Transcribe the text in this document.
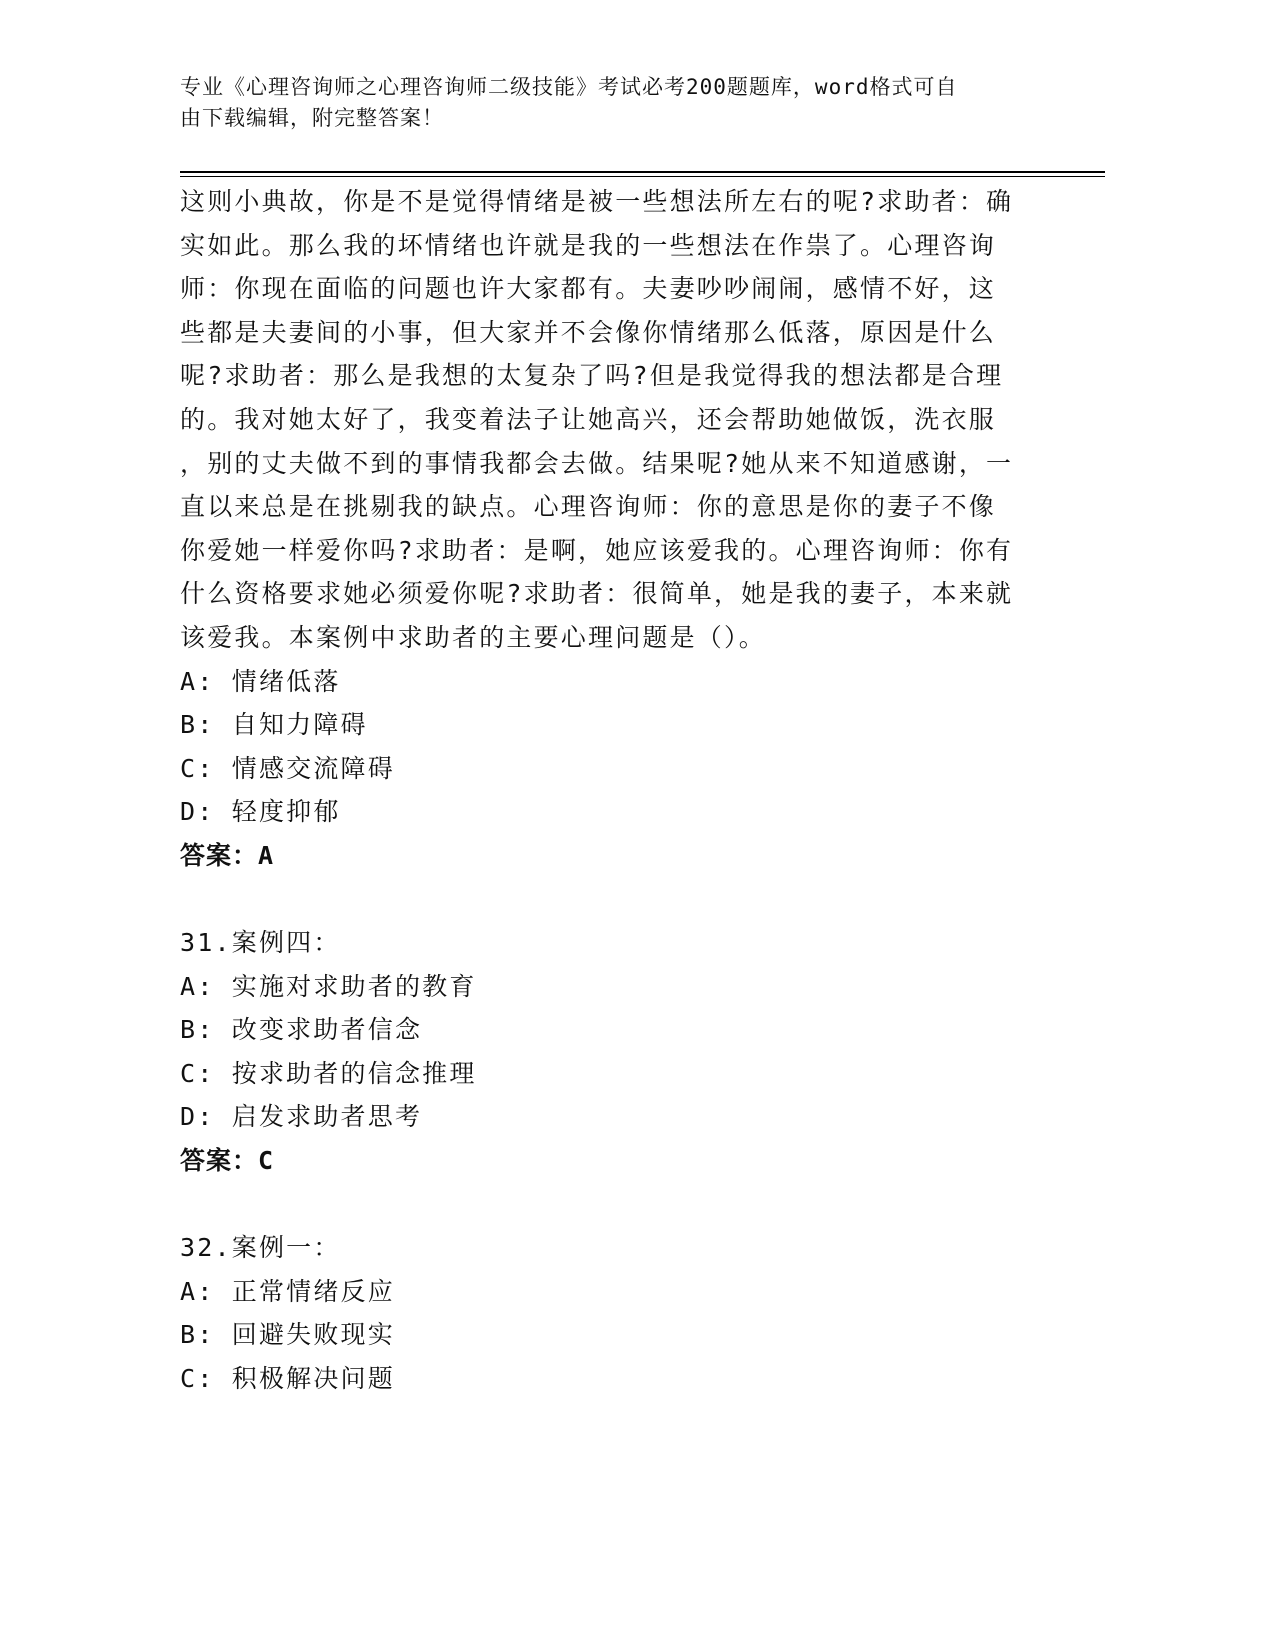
专业《心理咨询师之心理咨询师二级技能》考试必考200题题库，word格式可自
由下载编辑，附完整答案！
这则小典故，你是不是觉得情绪是被一些想法所左右的呢?求助者：确
实如此。那么我的坏情绪也许就是我的一些想法在作祟了。心理咨询
师：你现在面临的问题也许大家都有。夫妻吵吵闹闹，感情不好，这
些都是夫妻间的小事，但大家并不会像你情绪那么低落，原因是什么
呢?求助者：那么是我想的太复杂了吗?但是我觉得我的想法都是合理
的。我对她太好了，我变着法子让她高兴，还会帮助她做饭，洗衣服
，别的丈夫做不到的事情我都会去做。结果呢?她从来不知道感谢，一
直以来总是在挑剔我的缺点。心理咨询师：你的意思是你的妻子不像
你爱她一样爱你吗?求助者：是啊，她应该爱我的。心理咨询师：你有
什么资格要求她必须爱你呢?求助者：很简单，她是我的妻子，本来就
该爱我。本案例中求助者的主要心理问题是（）。
A: 情绪低落
B: 自知力障碍
C: 情感交流障碍
D: 轻度抑郁
答案：A
31.案例四：
A: 实施对求助者的教育
B: 改变求助者信念
C: 按求助者的信念推理
D: 启发求助者思考
答案：C
32.案例一：
A: 正常情绪反应
B: 回避失败现实
C: 积极解决问题
